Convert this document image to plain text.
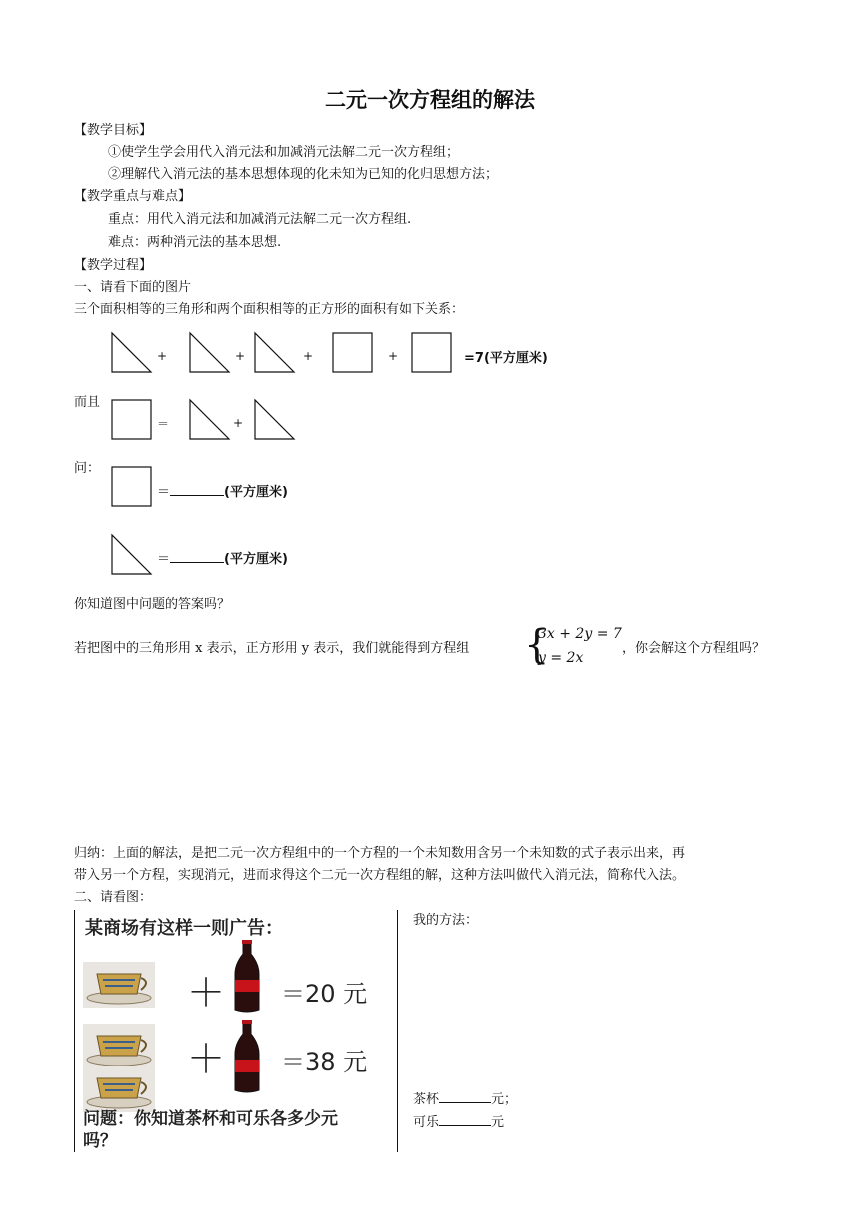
二元一次方程组的解法
【教学目标】
①使学生学会用代入消元法和加减消元法解二元一次方程组；
②理解代入消元法的基本思想体现的化未知为已知的化归思想方法；
【教学重点与难点】
重点：用代入消元法和加减消元法解二元一次方程组.
难点：两种消元法的基本思想.
【教学过程】
一、请看下面的图片
三个面积相等的三角形和两个面积相等的正方形的面积有如下关系：
+	+	+	+	=7(平方厘米)
而且
＝	+
问：
＝	(平方厘米)
＝	(平方厘米)
你知道图中问题的答案吗？
若把图中的三角形用 x 表示，正方形用 y 表示，我们就能得到方程组 {
3x + 2y = 7
y = 2x
，你会解这个方程组吗？
归纳：上面的解法，是把二元一次方程组中的一个方程的一个未知数用含另一个未知数的式子表示出来，再
带入另一个方程，实现消元，进而求得这个二元一次方程组的解，这种方法叫做代入消元法，简称代入法。
二、请看图：
某商场有这样一则广告：
＋ ＝20 元
＋ ＝38 元
问题：你知道茶杯和可乐各多少元
吗？
我的方法：
茶杯	元；
可乐	元
